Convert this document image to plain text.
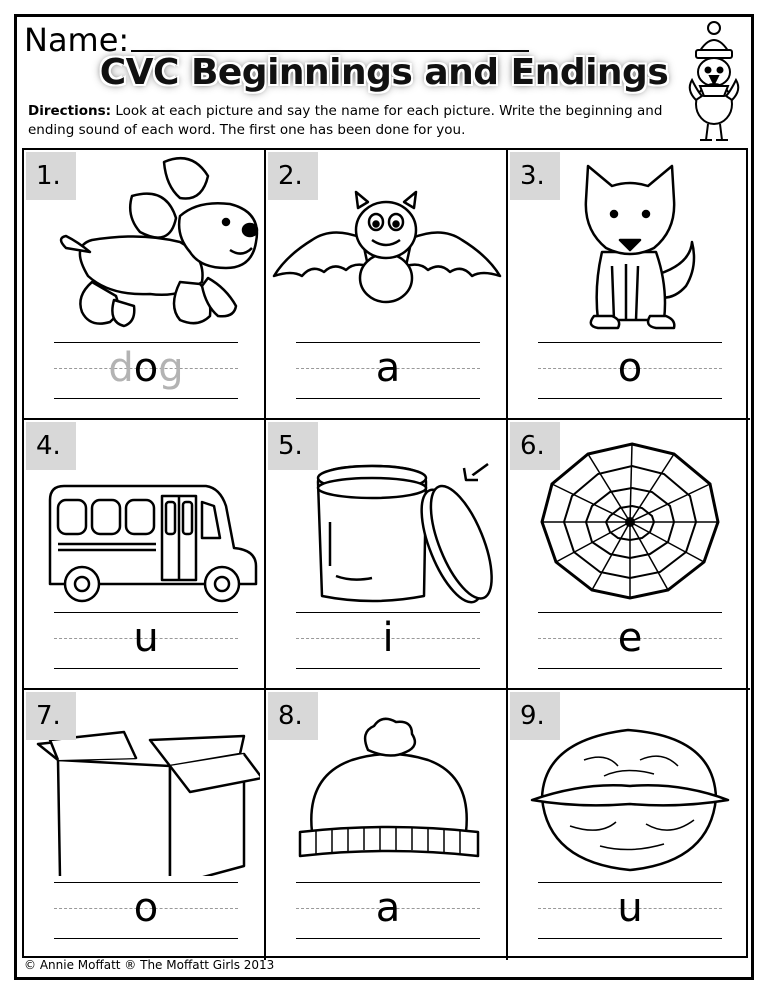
Name:
CVC Beginnings and Endings
Directions: Look at each picture and say the name for each picture. Write the beginning and ending sound of each word. The first one has been done for you.
1.
dog
2.
a
3.
o
4.
u
5.
i
6.
e
7.
o
8.
a
9.
u
© Annie Moffatt ® The Moffatt Girls 2013
